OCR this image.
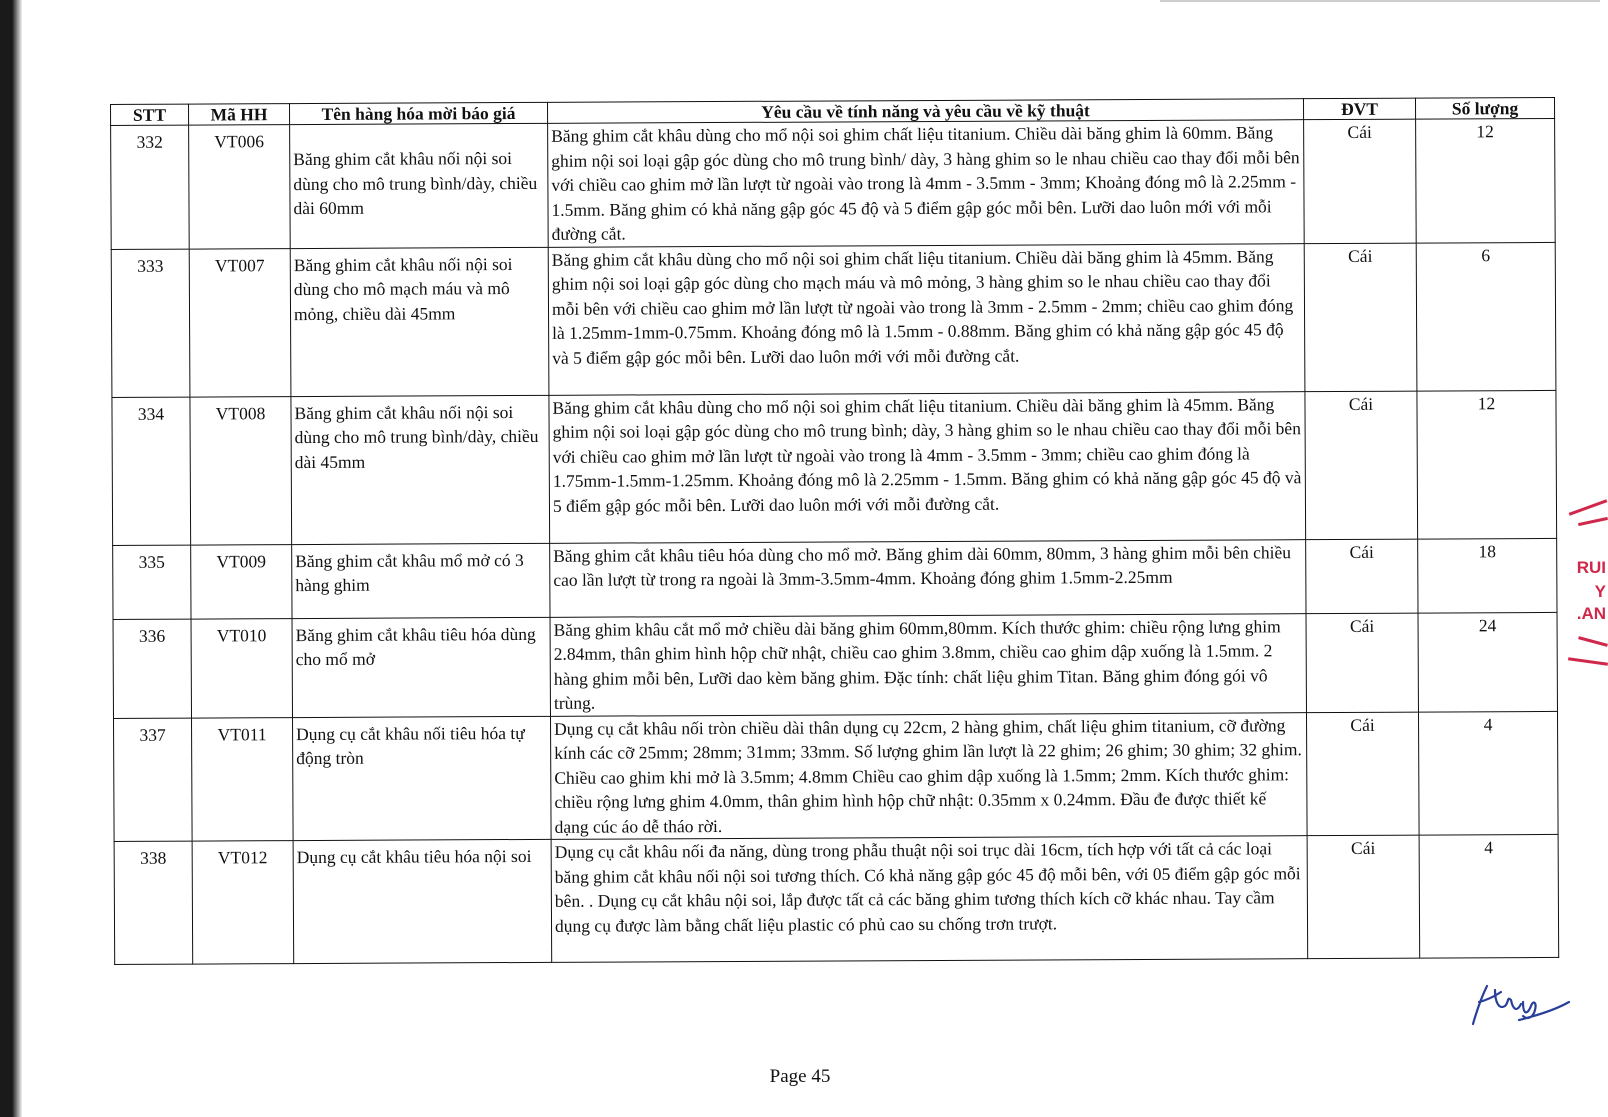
STT	Mã HH	Tên hàng hóa mời báo giá	Yêu cầu về tính năng và yêu cầu về kỹ thuật	ĐVT	Số lượng
332	VT006	Băng ghim cắt khâu nối nội soi dùng cho mô trung bình/dày, chiều dài 60mm	Băng ghim cắt khâu dùng cho mổ nội soi ghim chất liệu titanium. Chiều dài băng ghim là 60mm. Băng ghim nội soi loại gập góc dùng cho mô trung bình/ dày, 3 hàng ghim so le nhau chiều cao thay đổi mỗi bên với chiều cao ghim mở lần lượt từ ngoài vào trong là 4mm - 3.5mm - 3mm; Khoảng đóng mô là 2.25mm - 1.5mm. Băng ghim có khả năng gập góc 45 độ và 5 điểm gập góc mỗi bên. Lưỡi dao luôn mới với mỗi đường cắt.	Cái	12
333	VT007	Băng ghim cắt khâu nối nội soi dùng cho mô mạch máu và mô mỏng, chiều dài 45mm	Băng ghim cắt khâu dùng cho mổ nội soi ghim chất liệu titanium. Chiều dài băng ghim là 45mm. Băng ghim nội soi loại gập góc dùng cho mạch máu và mô mỏng, 3 hàng ghim so le nhau chiều cao thay đổi mỗi bên với chiều cao ghim mở lần lượt từ ngoài vào trong là 3mm - 2.5mm - 2mm; chiều cao ghim đóng là 1.25mm-1mm-0.75mm. Khoảng đóng mô là 1.5mm - 0.88mm. Băng ghim có khả năng gập góc 45 độ và 5 điểm gập góc mỗi bên. Lưỡi dao luôn mới với mỗi đường cắt.	Cái	6
334	VT008	Băng ghim cắt khâu nối nội soi dùng cho mô trung bình/dày, chiều dài 45mm	Băng ghim cắt khâu dùng cho mổ nội soi ghim chất liệu titanium. Chiều dài băng ghim là 45mm. Băng ghim nội soi loại gập góc dùng cho mô trung bình; dày, 3 hàng ghim so le nhau chiều cao thay đổi mỗi bên với chiều cao ghim mở lần lượt từ ngoài vào trong là 4mm - 3.5mm - 3mm; chiều cao ghim đóng là 1.75mm-1.5mm-1.25mm. Khoảng đóng mô là 2.25mm - 1.5mm. Băng ghim có khả năng gập góc 45 độ và 5 điểm gập góc mỗi bên. Lưỡi dao luôn mới với mỗi đường cắt.	Cái	12
335	VT009	Băng ghim cắt khâu mổ mở có 3 hàng ghim	Băng ghim cắt khâu tiêu hóa dùng cho mổ mở. Băng ghim dài 60mm, 80mm, 3 hàng ghim mỗi bên chiều cao lần lượt từ trong ra ngoài là 3mm-3.5mm-4mm. Khoảng đóng ghim 1.5mm-2.25mm	Cái	18
336	VT010	Băng ghim cắt khâu tiêu hóa dùng cho mổ mở	Băng ghim khâu cắt mổ mở chiều dài băng ghim 60mm,80mm. Kích thước ghim: chiều rộng lưng ghim 2.84mm, thân ghim hình hộp chữ nhật, chiều cao ghim 3.8mm, chiều cao ghim dập xuống là 1.5mm. 2 hàng ghim mỗi bên, Lưỡi dao kèm băng ghim. Đặc tính: chất liệu ghim Titan. Băng ghim đóng gói vô trùng.	Cái	24
337	VT011	Dụng cụ cắt khâu nối tiêu hóa tự động tròn	Dụng cụ cắt khâu nối tròn chiều dài thân dụng cụ 22cm, 2 hàng ghim, chất liệu ghim titanium, cỡ đường kính các cỡ 25mm; 28mm; 31mm; 33mm. Số lượng ghim lần lượt là 22 ghim; 26 ghim; 30 ghim; 32 ghim. Chiều cao ghim khi mở là 3.5mm; 4.8mm Chiều cao ghim dập xuống là 1.5mm; 2mm. Kích thước ghim: chiều rộng lưng ghim 4.0mm, thân ghim hình hộp chữ nhật: 0.35mm x 0.24mm. Đầu đe được thiết kế dạng cúc áo dễ tháo rời.	Cái	4
338	VT012	Dụng cụ cắt khâu tiêu hóa nội soi	Dụng cụ cắt khâu nối đa năng, dùng trong phẫu thuật nội soi trục dài 16cm, tích hợp với tất cả các loại băng ghim cắt khâu nối nội soi tương thích. Có khả năng gập góc 45 độ mỗi bên, với 05 điểm gập góc mỗi bên. . Dụng cụ cắt khâu nội soi, lắp được tất cả các băng ghim tương thích kích cỡ khác nhau. Tay cầm dụng cụ được làm bằng chất liệu plastic có phủ cao su chống trơn trượt.	Cái	4
Page 45
RUI
Y
.AN
